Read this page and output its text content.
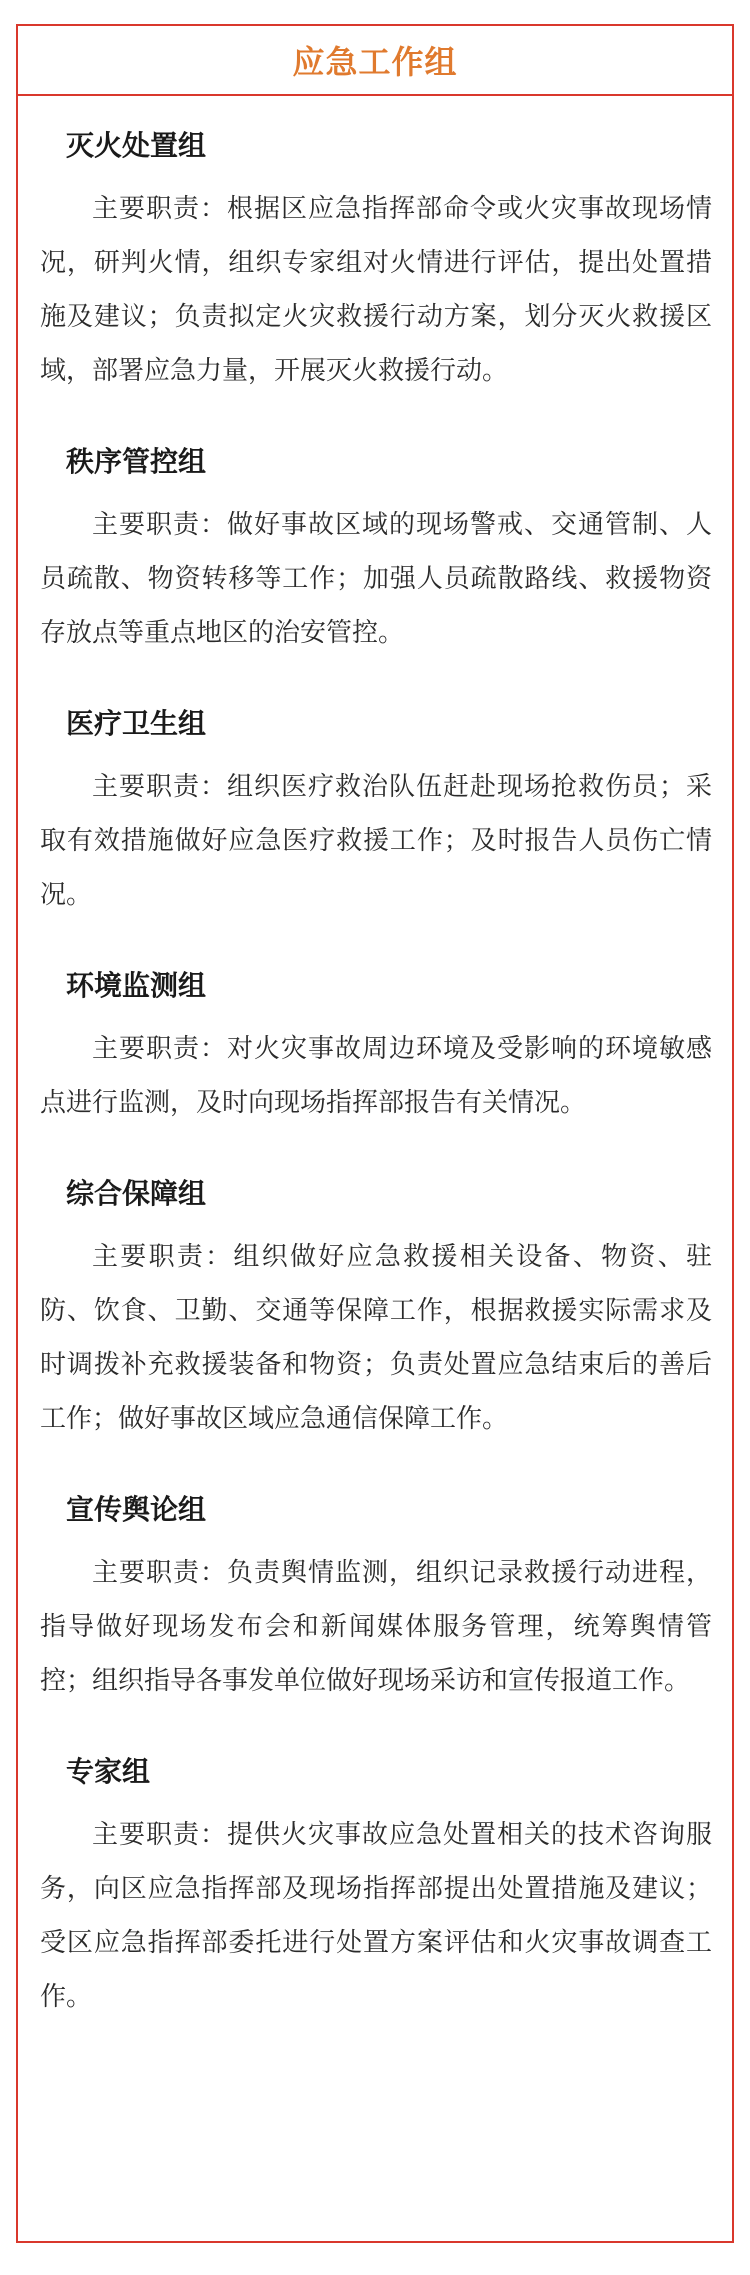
应急工作组
灭火处置组

主要职责：根据区应急指挥部命令或火灾事故现场情况，研判火情，组织专家组对火情进行评估，提出处置措施及建议；负责拟定火灾救援行动方案，划分灭火救援区域，部署应急力量，开展灭火救援行动。

秩序管控组

主要职责：做好事故区域的现场警戒、交通管制、人员疏散、物资转移等工作；加强人员疏散路线、救援物资存放点等重点地区的治安管控。

医疗卫生组

主要职责：组织医疗救治队伍赶赴现场抢救伤员；采取有效措施做好应急医疗救援工作；及时报告人员伤亡情况。

环境监测组

主要职责：对火灾事故周边环境及受影响的环境敏感点进行监测，及时向现场指挥部报告有关情况。

综合保障组

主要职责：组织做好应急救援相关设备、物资、驻防、饮食、卫勤、交通等保障工作，根据救援实际需求及时调拨补充救援装备和物资；负责处置应急结束后的善后工作；做好事故区域应急通信保障工作。

宣传舆论组

主要职责：负责舆情监测，组织记录救援行动进程，指导做好现场发布会和新闻媒体服务管理，统筹舆情管控；组织指导各事发单位做好现场采访和宣传报道工作。

专家组

主要职责：提供火灾事故应急处置相关的技术咨询服务，向区应急指挥部及现场指挥部提出处置措施及建议；受区应急指挥部委托进行处置方案评估和火灾事故调查工作。
